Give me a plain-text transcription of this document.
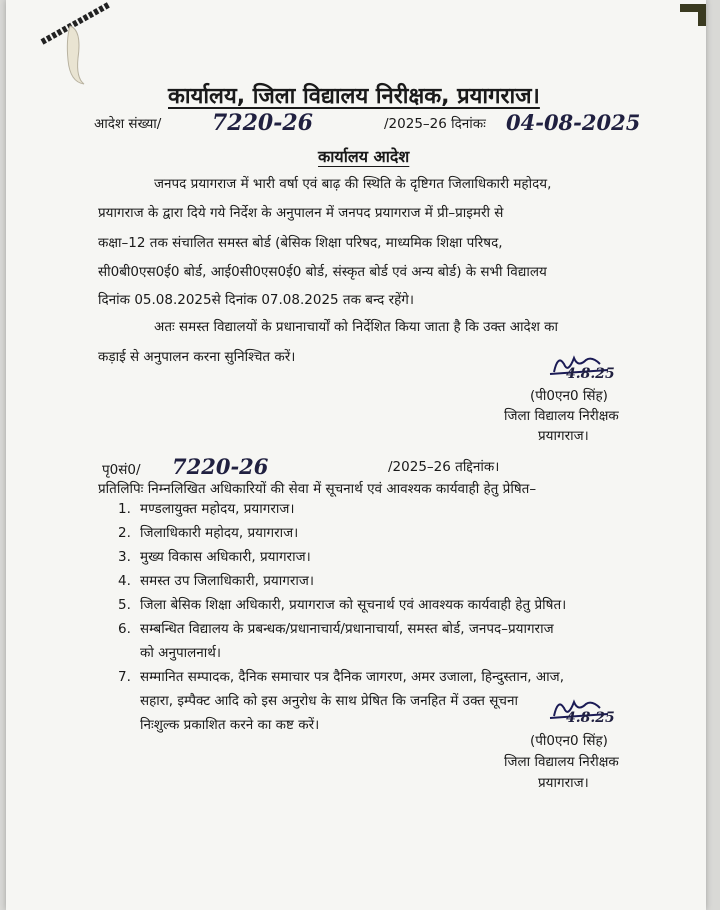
कार्यालय, जिला विद्यालय निरीक्षक, प्रयागराज।
आदेश संख्या/ 7220-26	/2025–26 दिनांकः 04-08-2025
कार्यालय आदेश
जनपद प्रयागराज में भारी वर्षा एवं बाढ़ की स्थिति के दृष्टिगत जिलाधिकारी महोदय,
प्रयागराज के द्वारा दिये गये निर्देश के अनुपालन में जनपद प्रयागराज में प्री–प्राइमरी से
कक्षा–12 तक संचालित समस्त बोर्ड (बेसिक शिक्षा परिषद, माध्यमिक शिक्षा परिषद,
सी0बी0एस0ई0 बोर्ड, आई0सी0एस0ई0 बोर्ड, संस्कृत बोर्ड एवं अन्य बोर्ड) के सभी विद्यालय
दिनांक 05.08.2025से दिनांक 07.08.2025 तक बन्द रहेंगे।
अतः समस्त विद्यालयों के प्रधानाचार्यों को निर्देशित किया जाता है कि उक्त आदेश का
कड़ाई से अनुपालन करना सुनिश्चित करें।
4.8.25
(पी0एन0 सिंह)
जिला विद्यालय निरीक्षक
प्रयागराज।
पृ0सं0/ 7220-26	/2025–26 तद्दिनांक।
प्रतिलिपिः निम्नलिखित अधिकारियों की सेवा में सूचनार्थ एवं आवश्यक कार्यवाही हेतु प्रेषित–
1. मण्डलायुक्त महोदय, प्रयागराज।
2. जिलाधिकारी महोदय, प्रयागराज।
3. मुख्य विकास अधिकारी, प्रयागराज।
4. समस्त उप जिलाधिकारी, प्रयागराज।
5. जिला बेसिक शिक्षा अधिकारी, प्रयागराज को सूचनार्थ एवं आवश्यक कार्यवाही हेतु प्रेषित।
6. सम्बन्धित विद्यालय के प्रबन्धक/प्रधानाचार्य/प्रधानाचार्या, समस्त बोर्ड, जनपद–प्रयागराज
को अनुपालनार्थ।
7. सम्मानित सम्पादक, दैनिक समाचार पत्र दैनिक जागरण, अमर उजाला, हिन्दुस्तान, आज,
सहारा, इम्पैक्ट आदि को इस अनुरोध के साथ प्रेषित कि जनहित में उक्त सूचना
निःशुल्क प्रकाशित करने का कष्ट करें।	4.8.25
(पी0एन0 सिंह)
जिला विद्यालय निरीक्षक
प्रयागराज।
